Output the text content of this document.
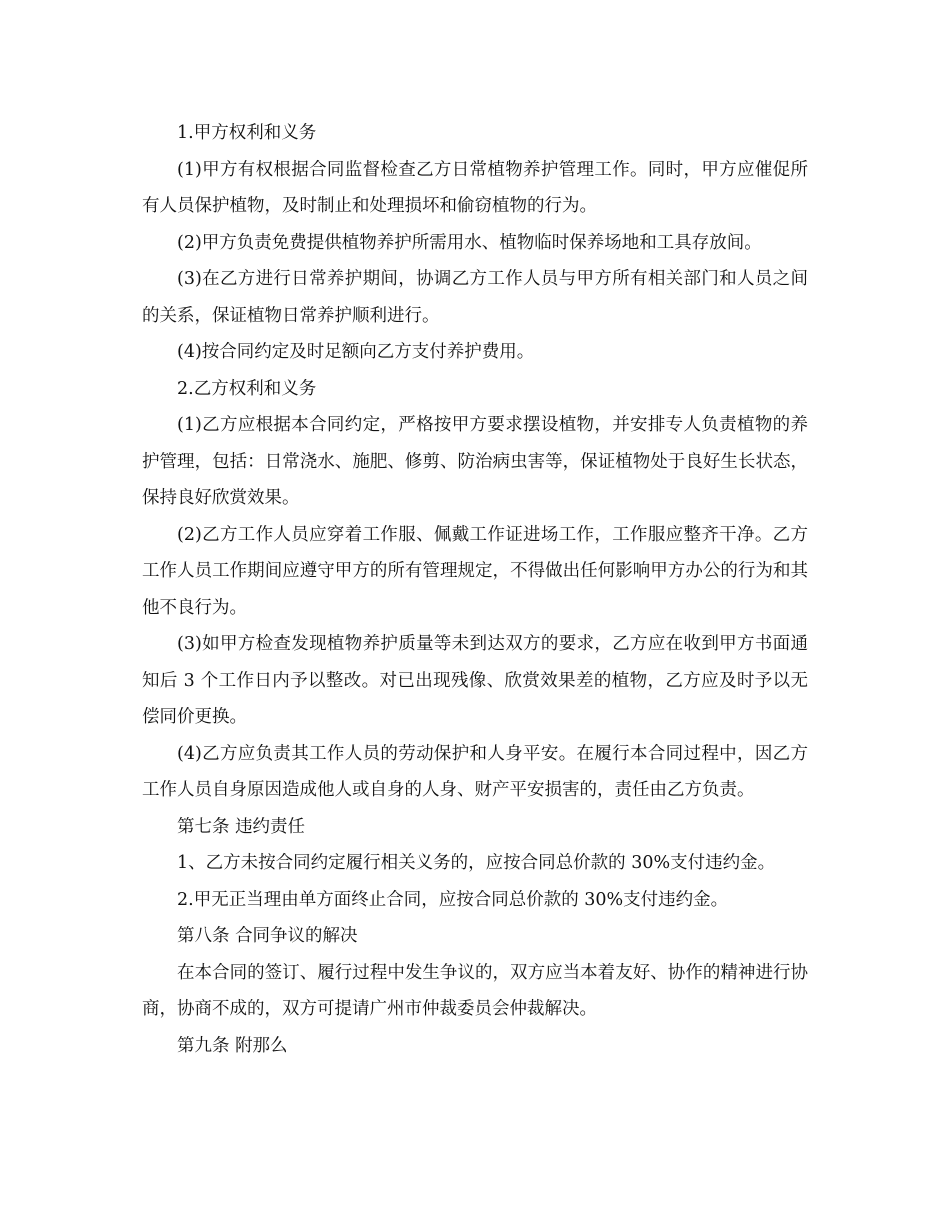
1.甲方权利和义务

(1)甲方有权根据合同监督检查乙方日常植物养护管理工作。同时，甲方应催促所有人员保护植物，及时制止和处理损坏和偷窃植物的行为。

(2)甲方负责免费提供植物养护所需用水、植物临时保养场地和工具存放间。

(3)在乙方进行日常养护期间，协调乙方工作人员与甲方所有相关部门和人员之间的关系，保证植物日常养护顺利进行。

(4)按合同约定及时足额向乙方支付养护费用。

2.乙方权利和义务

(1)乙方应根据本合同约定，严格按甲方要求摆设植物，并安排专人负责植物的养护管理，包括：日常浇水、施肥、修剪、防治病虫害等，保证植物处于良好生长状态，保持良好欣赏效果。

(2)乙方工作人员应穿着工作服、佩戴工作证进场工作，工作服应整齐干净。乙方工作人员工作期间应遵守甲方的所有管理规定，不得做出任何影响甲方办公的行为和其他不良行为。

(3)如甲方检查发现植物养护质量等未到达双方的要求，乙方应在收到甲方书面通知后 3 个工作日内予以整改。对已出现残像、欣赏效果差的植物，乙方应及时予以无偿同价更换。

(4)乙方应负责其工作人员的劳动保护和人身平安。在履行本合同过程中，因乙方工作人员自身原因造成他人或自身的人身、财产平安损害的，责任由乙方负责。

第七条 违约责任

1、乙方未按合同约定履行相关义务的，应按合同总价款的 30%支付违约金。

2.甲无正当理由单方面终止合同，应按合同总价款的 30%支付违约金。

第八条 合同争议的解决

在本合同的签订、履行过程中发生争议的，双方应当本着友好、协作的精神进行协商，协商不成的，双方可提请广州市仲裁委员会仲裁解决。

第九条 附那么
